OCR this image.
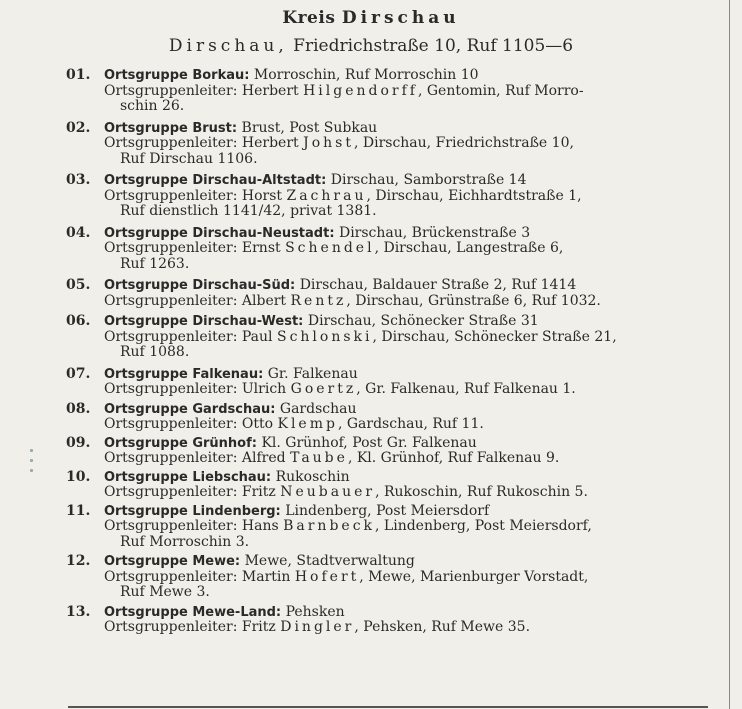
Kreis Dirschau
Dirschau, Friedrichstraße 10, Ruf 1105—6
01.	Ortsgruppe Borkau: Morroschin, Ruf Morroschin 10
Ortsgruppenleiter: Herbert Hilgendorff, Gentomin, Ruf Morro-
schin 26.
02.	Ortsgruppe Brust: Brust, Post Subkau
Ortsgruppenleiter: Herbert Johst, Dirschau, Friedrichstraße 10,
Ruf Dirschau 1106.
03.	Ortsgruppe Dirschau-Altstadt: Dirschau, Samborstraße 14
Ortsgruppenleiter: Horst Zachrau, Dirschau, Eichhardtstraße 1,
Ruf dienstlich 1141/42, privat 1381.
04.	Ortsgruppe Dirschau-Neustadt: Dirschau, Brückenstraße 3
Ortsgruppenleiter: Ernst Schendel, Dirschau, Langestraße 6,
Ruf 1263.
05.	Ortsgruppe Dirschau-Süd: Dirschau, Baldauer Straße 2, Ruf 1414
Ortsgruppenleiter: Albert Rentz, Dirschau, Grünstraße 6, Ruf 1032.
06.	Ortsgruppe Dirschau-West: Dirschau, Schönecker Straße 31
Ortsgruppenleiter: Paul Schlonski, Dirschau, Schönecker Straße 21,
Ruf 1088.
07.	Ortsgruppe Falkenau: Gr. Falkenau
Ortsgruppenleiter: Ulrich Goertz, Gr. Falkenau, Ruf Falkenau 1.
08.	Ortsgruppe Gardschau: Gardschau
Ortsgruppenleiter: Otto Klemp, Gardschau, Ruf 11.
09.	Ortsgruppe Grünhof: Kl. Grünhof, Post Gr. Falkenau
Ortsgruppenleiter: Alfred Taube, Kl. Grünhof, Ruf Falkenau 9.
10.	Ortsgruppe Liebschau: Rukoschin
Ortsgruppenleiter: Fritz Neubauer, Rukoschin, Ruf Rukoschin 5.
11.	Ortsgruppe Lindenberg: Lindenberg, Post Meiersdorf
Ortsgruppenleiter: Hans Barnbeck, Lindenberg, Post Meiersdorf,
Ruf Morroschin 3.
12.	Ortsgruppe Mewe: Mewe, Stadtverwaltung
Ortsgruppenleiter: Martin Hofert, Mewe, Marienburger Vorstadt,
Ruf Mewe 3.
13.	Ortsgruppe Mewe-Land: Pehsken
Ortsgruppenleiter: Fritz Dingler, Pehsken, Ruf Mewe 35.
